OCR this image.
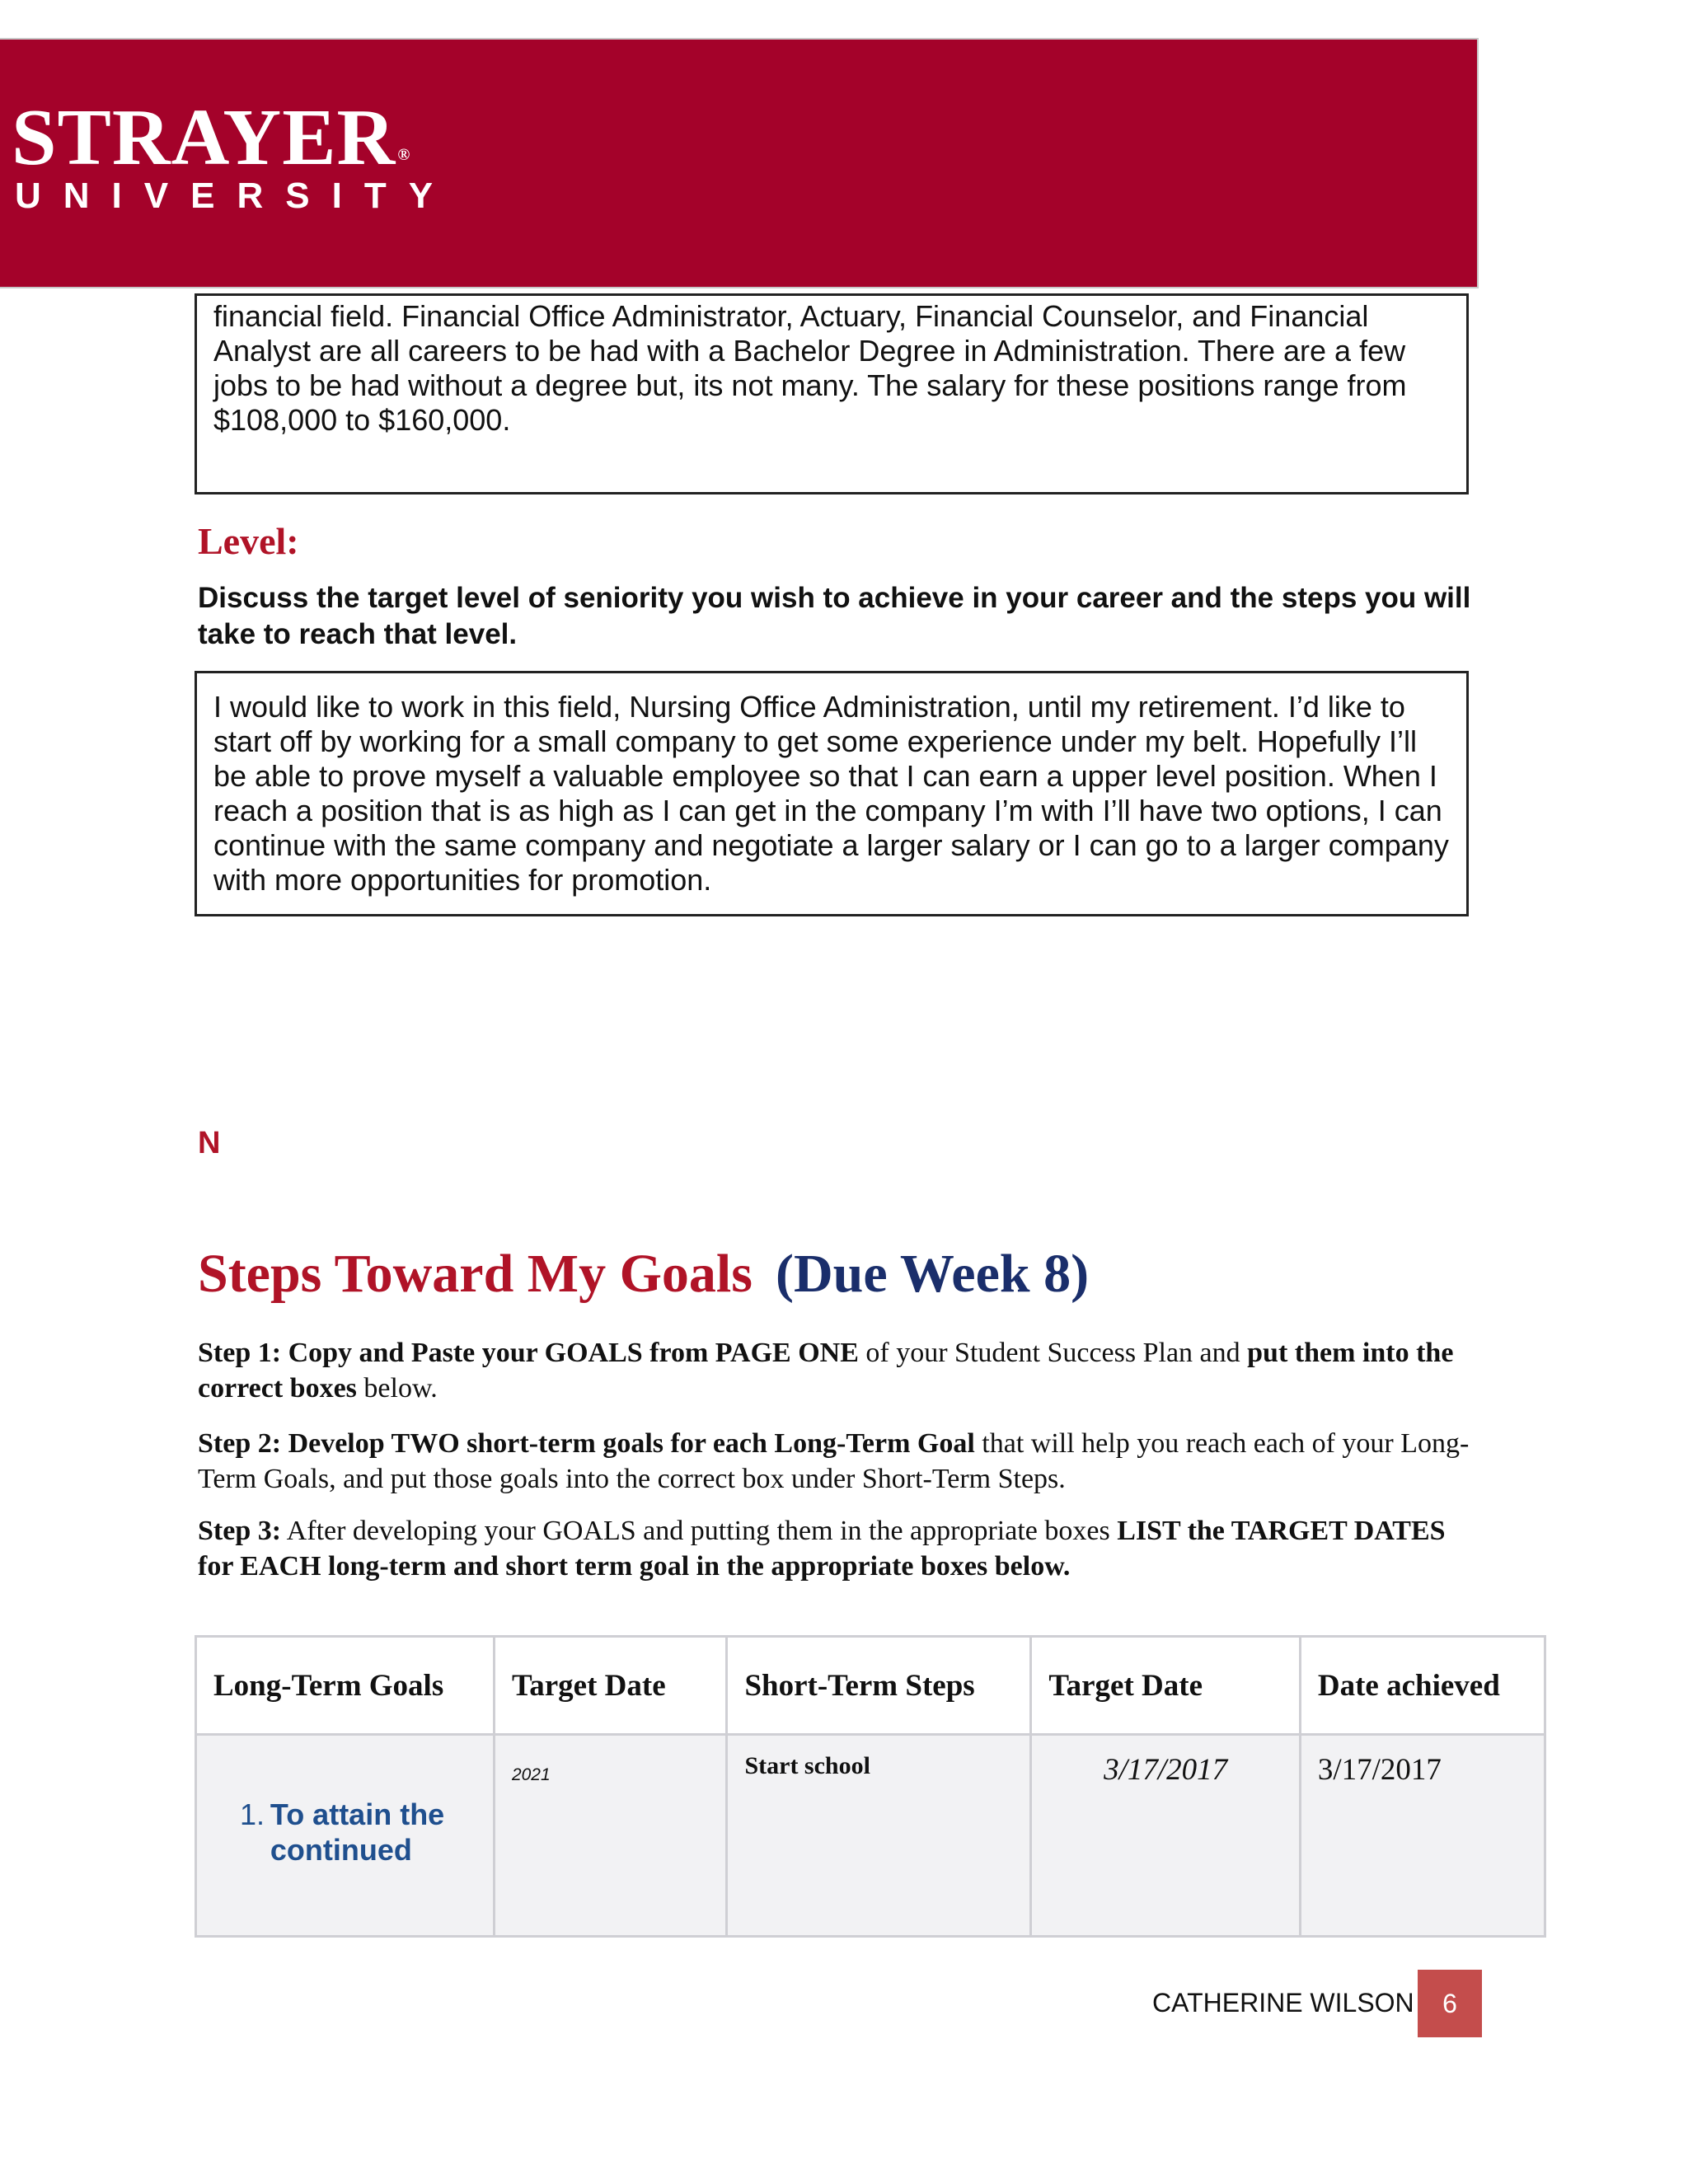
STRAYER ®
UNIVERSITY

financial field. Financial Office Administrator, Actuary, Financial Counselor, and Financial Analyst are all careers to be had with a Bachelor Degree in Administration. There are a few jobs to be had without a degree but, its not many. The salary for these positions range from $108,000 to $160,000.

Level:
Discuss the target level of seniority you wish to achieve in your career and the steps you will take to reach that level.

I would like to work in this field, Nursing Office Administration, until my retirement. I’d like to start off by working for a small company to get some experience under my belt. Hopefully I’ll be able to prove myself a valuable employee so that I can earn a upper level position. When I reach a position that is as high as I can get in the company I’m with I’ll have two options, I can continue with the same company and negotiate a larger salary or I can go to a larger company with more opportunities for promotion.

N
Steps Toward My Goals (Due Week 8)
Step 1: Copy and Paste your GOALS from PAGE ONE of your Student Success Plan and put them into the correct boxes below.
Step 2: Develop TWO short-term goals for each Long-Term Goal that will help you reach each of your Long-Term Goals, and put those goals into the correct box under Short-Term Steps.
Step 3: After developing your GOALS and putting them in the appropriate boxes LIST the TARGET DATES for EACH long-term and short term goal in the appropriate boxes below.
Long-Term Goals	Target Date	Short-Term Steps	Target Date	Date achieved

1. To attain the continued	2021	Start school	3/17/2017	3/17/2017
CATHERINE WILSON	6
